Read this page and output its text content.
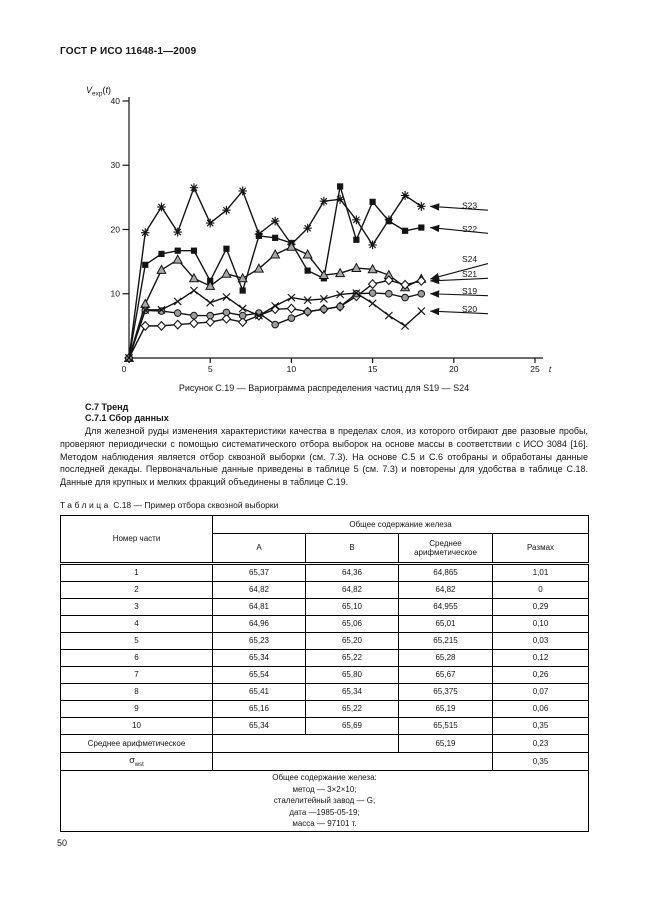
ГОСТ Р ИСО 11648-1—2009
10
20
30
40
0	5	10	15	20	25 t
$V_{exp}(t)$
S23
S22
S24
S21
S19
S20
Рисунок С.19 — Вариограмма распределения частиц для S19 — S24
С.7 Тренд
С.7.1 Сбор данных

Для железной руды изменения характеристики качества в пределах слоя, из которого отбирают две разовые пробы, проверяют периодически с помощью систематического отбора выборок на основе массы в соответствии с ИСО 3084 [16]. Методом наблюдения является отбор сквозной выборки (см. 7.3). На основе С.5 и С.6 отобраны и обработаны данные последней декады. Первоначальные данные приведены в таблице 5 (см. 7.3) и повторены для удобства в таблице С.18. Данные для крупных и мелких фракций объединены в таблице С.19.

Таблица С.18 — Пример отбора сквозной выборки
Номер части	Общее содержание железа			
	А	В	Среднее арифметическое	Размах
1	65,37	64,36	64,865	1,01
2	64,82	64,82	64,82	0
3	64,81	65,10	64,955	0,29
4	64,96	65,06	65,01	0,10
5	65,23	65,20	65,215	0,03
6	65,34	65,22	65,28	0,12
7	65,54	65,80	65,67	0,26
8	65,41	65,34	65,375	0,07
9	65,16	65,22	65,19	0,06
10	65,34	65,69	65,515	0,35
Среднее арифметическое			65,19	0,23
$\sigma_{wst}$				0,35

Общее содержание железа:
метод — 3×2×10;
сталелитейный завод — G;
дата —1985-05-19;
масса — 97101 т.				
50
